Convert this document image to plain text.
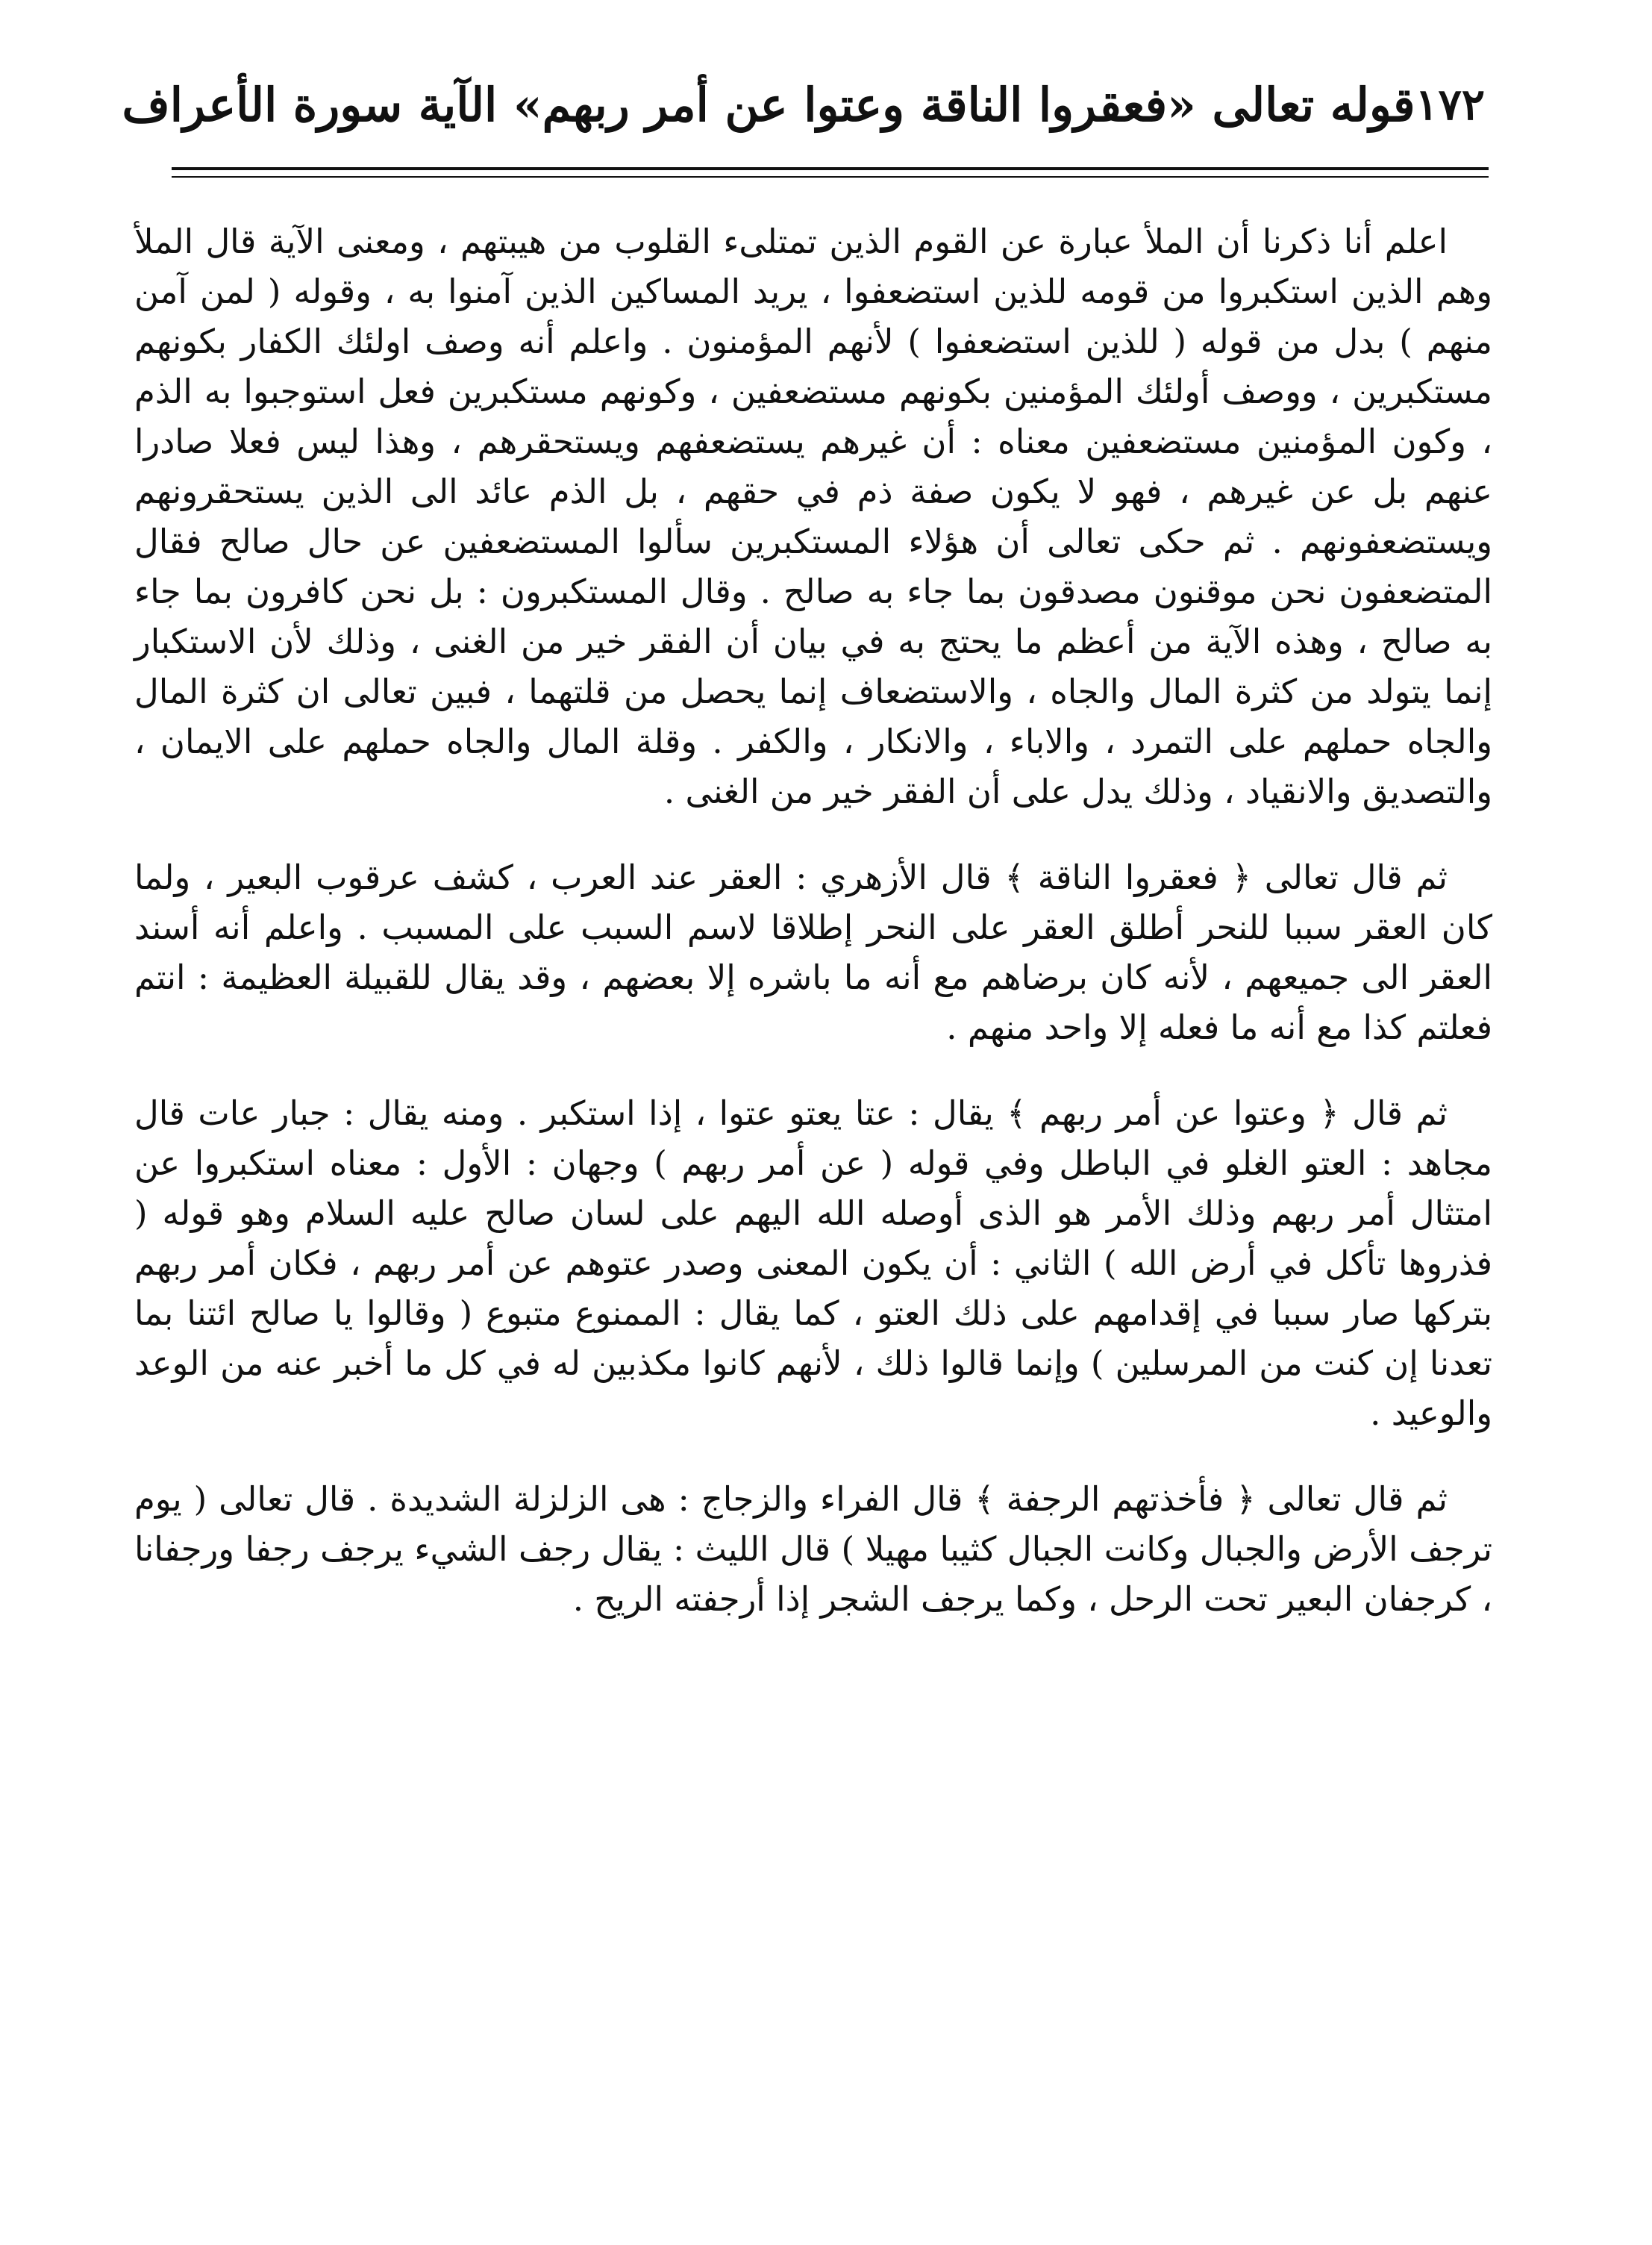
١٧٢
قوله تعالى «فعقروا الناقة وعتوا عن أمر ربهم» الآية سورة الأعراف

اعلم أنا ذكرنا أن الملأ عبارة عن القوم الذين تمتلىء القلوب من هيبتهم ، ومعنى الآية قال الملأ وهم الذين استكبروا من قومه للذين استضعفوا ، يريد المساكين الذين آمنوا به ، وقوله ( لمن آمن منهم ) بدل من قوله ( للذين استضعفوا ) لأنهم المؤمنون . واعلم أنه وصف اولئك الكفار بكونهم مستكبرين ، ووصف أولئك المؤمنين بكونهم مستضعفين ، وكونهم مستكبرين فعل استوجبوا به الذم ، وكون المؤمنين مستضعفين معناه : أن غيرهم يستضعفهم ويستحقرهم ، وهذا ليس فعلا صادرا عنهم بل عن غيرهم ، فهو لا يكون صفة ذم في حقهم ، بل الذم عائد الى الذين يستحقرونهم ويستضعفونهم . ثم حكى تعالى أن هؤلاء المستكبرين سألوا المستضعفين عن حال صالح فقال المتضعفون نحن موقنون مصدقون بما جاء به صالح . وقال المستكبرون : بل نحن كافرون بما جاء به صالح ، وهذه الآية من أعظم ما يحتج به في بيان أن الفقر خير من الغنى ، وذلك لأن الاستكبار إنما يتولد من كثرة المال والجاه ، والاستضعاف إنما يحصل من قلتهما ، فبين تعالى ان كثرة المال والجاه حملهم على التمرد ، والاباء ، والانكار ، والكفر . وقلة المال والجاه حملهم على الايمان ، والتصديق والانقياد ، وذلك يدل على أن الفقر خير من الغنى .

ثم قال تعالى ﴿ فعقروا الناقة ﴾ قال الأزهري : العقر عند العرب ، كشف عرقوب البعير ، ولما كان العقر سببا للنحر أطلق العقر على النحر إطلاقا لاسم السبب على المسبب . واعلم أنه أسند العقر الى جميعهم ، لأنه كان برضاهم مع أنه ما باشره إلا بعضهم ، وقد يقال للقبيلة العظيمة : انتم فعلتم كذا مع أنه ما فعله إلا واحد منهم .

ثم قال ﴿ وعتوا عن أمر ربهم ﴾ يقال : عتا يعتو عتوا ، إذا استكبر . ومنه يقال : جبار عات قال مجاهد : العتو الغلو في الباطل وفي قوله ( عن أمر ربهم ) وجهان : الأول : معناه استكبروا عن امتثال أمر ربهم وذلك الأمر هو الذى أوصله الله اليهم على لسان صالح عليه السلام وهو قوله ( فذروها تأكل في أرض الله ) الثاني : أن يكون المعنى وصدر عتوهم عن أمر ربهم ، فكان أمر ربهم بتركها صار سببا في إقدامهم على ذلك العتو ، كما يقال : الممنوع متبوع ( وقالوا يا صالح ائتنا بما تعدنا إن كنت من المرسلين ) وإنما قالوا ذلك ، لأنهم كانوا مكذبين له في كل ما أخبر عنه من الوعد والوعيد .

ثم قال تعالى ﴿ فأخذتهم الرجفة ﴾ قال الفراء والزجاج : هى الزلزلة الشديدة . قال تعالى ( يوم ترجف الأرض والجبال وكانت الجبال كثيبا مهيلا ) قال الليث : يقال رجف الشيء يرجف رجفا ورجفانا ، كرجفان البعير تحت الرحل ، وكما يرجف الشجر إذا أرجفته الريح .
